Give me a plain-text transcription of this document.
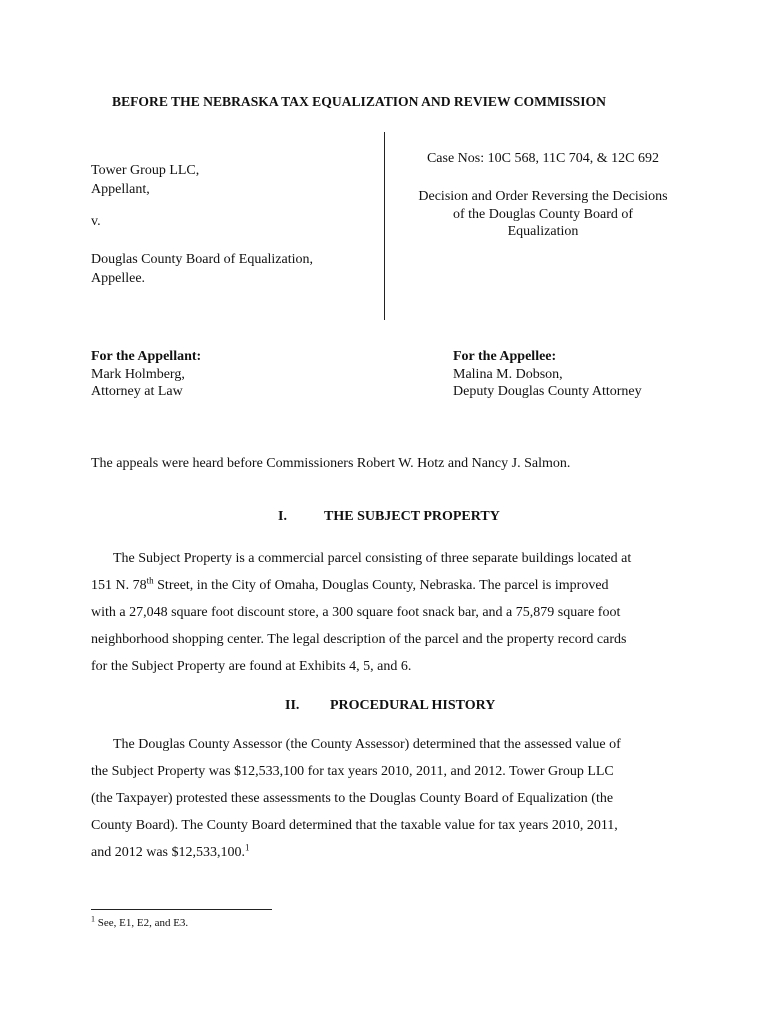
BEFORE THE NEBRASKA TAX EQUALIZATION AND REVIEW COMMISSION
Tower Group LLC,
Appellant,
v.
Douglas County Board of Equalization,
Appellee.
Case Nos: 10C 568, 11C 704, & 12C 692
Decision and Order Reversing the Decisions
of the Douglas County Board of
Equalization
For the Appellant:
Mark Holmberg,
Attorney at Law
For the Appellee:
Malina M. Dobson,
Deputy Douglas County Attorney
The appeals were heard before Commissioners Robert W. Hotz and Nancy J. Salmon.
I.	THE SUBJECT PROPERTY
The Subject Property is a commercial parcel consisting of three separate buildings located at
151 N. 78th Street, in the City of Omaha, Douglas County, Nebraska. The parcel is improved
with a 27,048 square foot discount store, a 300 square foot snack bar, and a 75,879 square foot
neighborhood shopping center. The legal description of the parcel and the property record cards
for the Subject Property are found at Exhibits 4, 5, and 6.
II. PROCEDURAL HISTORY
The Douglas County Assessor (the County Assessor) determined that the assessed value of
the Subject Property was $12,533,100 for tax years 2010, 2011, and 2012. Tower Group LLC
(the Taxpayer) protested these assessments to the Douglas County Board of Equalization (the
County Board). The County Board determined that the taxable value for tax years 2010, 2011,
and 2012 was $12,533,100.$^1$
$^1$ See, E1, E2, and E3.
